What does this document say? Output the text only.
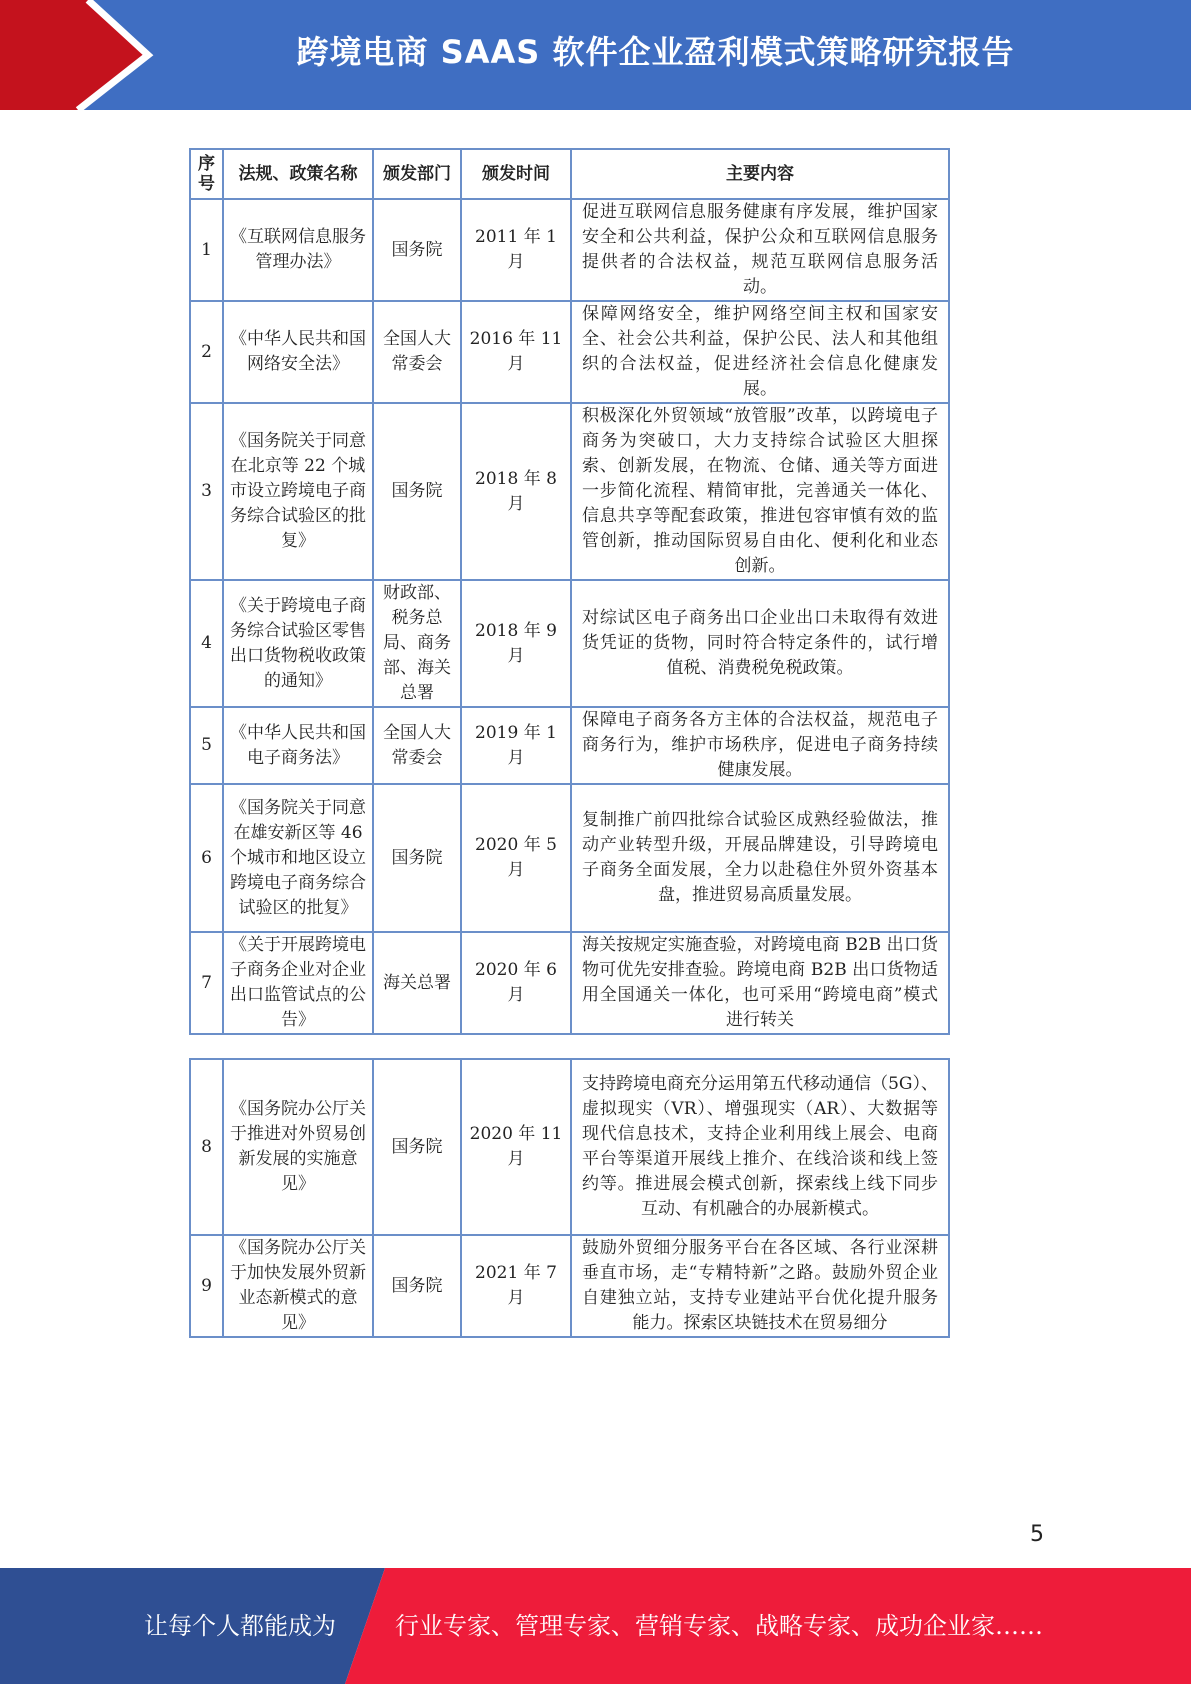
跨境电商 SAAS 软件企业盈利模式策略研究报告
序号	法规、政策名称	颁发部门	颁发时间	主要内容
1	《互联网信息服务管理办法》	国务院	2011 年 1 月	促进互联网信息服务健康有序发展，维护国家安全和公共利益，保护公众和互联网信息服务提供者的合法权益，规范互联网信息服务活动。
2	《中华人民共和国网络安全法》	全国人大常委会	2016 年 11 月	保障网络安全，维护网络空间主权和国家安全、社会公共利益，保护公民、法人和其他组织的合法权益，促进经济社会信息化健康发展。
3	《国务院关于同意在北京等 22 个城市设立跨境电子商务综合试验区的批复》	国务院	2018 年 8 月	积极深化外贸领域“放管服”改革，以跨境电子商务为突破口，大力支持综合试验区大胆探索、创新发展，在物流、仓储、通关等方面进一步简化流程、精简审批，完善通关一体化、信息共享等配套政策，推进包容审慎有效的监管创新，推动国际贸易自由化、便利化和业态创新。
4	《关于跨境电子商务综合试验区零售出口货物税收政策的通知》	财政部、税务总局、商务部、海关总署	2018 年 9 月	对综试区电子商务出口企业出口未取得有效进货凭证的货物，同时符合特定条件的，试行增值税、消费税免税政策。
5	《中华人民共和国电子商务法》	全国人大常委会	2019 年 1 月	保障电子商务各方主体的合法权益，规范电子商务行为，维护市场秩序，促进电子商务持续健康发展。
6	《国务院关于同意在雄安新区等 46 个城市和地区设立跨境电子商务综合试验区的批复》	国务院	2020 年 5 月	复制推广前四批综合试验区成熟经验做法，推动产业转型升级，开展品牌建设，引导跨境电子商务全面发展，全力以赴稳住外贸外资基本盘，推进贸易高质量发展。
7	《关于开展跨境电子商务企业对企业出口监管试点的公告》	海关总署	2020 年 6 月	海关按规定实施查验，对跨境电商 B2B 出口货物可优先安排查验。跨境电商 B2B 出口货物适用全国通关一体化，也可采用“跨境电商”模式进行转关
8	《国务院办公厅关于推进对外贸易创新发展的实施意见》	国务院	2020 年 11 月	支持跨境电商充分运用第五代移动通信（5G）、虚拟现实（VR）、增强现实（AR）、大数据等现代信息技术，支持企业利用线上展会、电商平台等渠道开展线上推介、在线洽谈和线上签约等。推进展会模式创新，探索线上线下同步互动、有机融合的办展新模式。
9	《国务院办公厅关于加快发展外贸新业态新模式的意见》	国务院	2021 年 7 月	鼓励外贸细分服务平台在各区域、各行业深耕垂直市场，走“专精特新”之路。鼓励外贸企业自建独立站，支持专业建站平台优化提升服务能力。探索区块链技术在贸易细分
5
让每个人都能成为	行业专家、管理专家、营销专家、战略专家、成功企业家……
